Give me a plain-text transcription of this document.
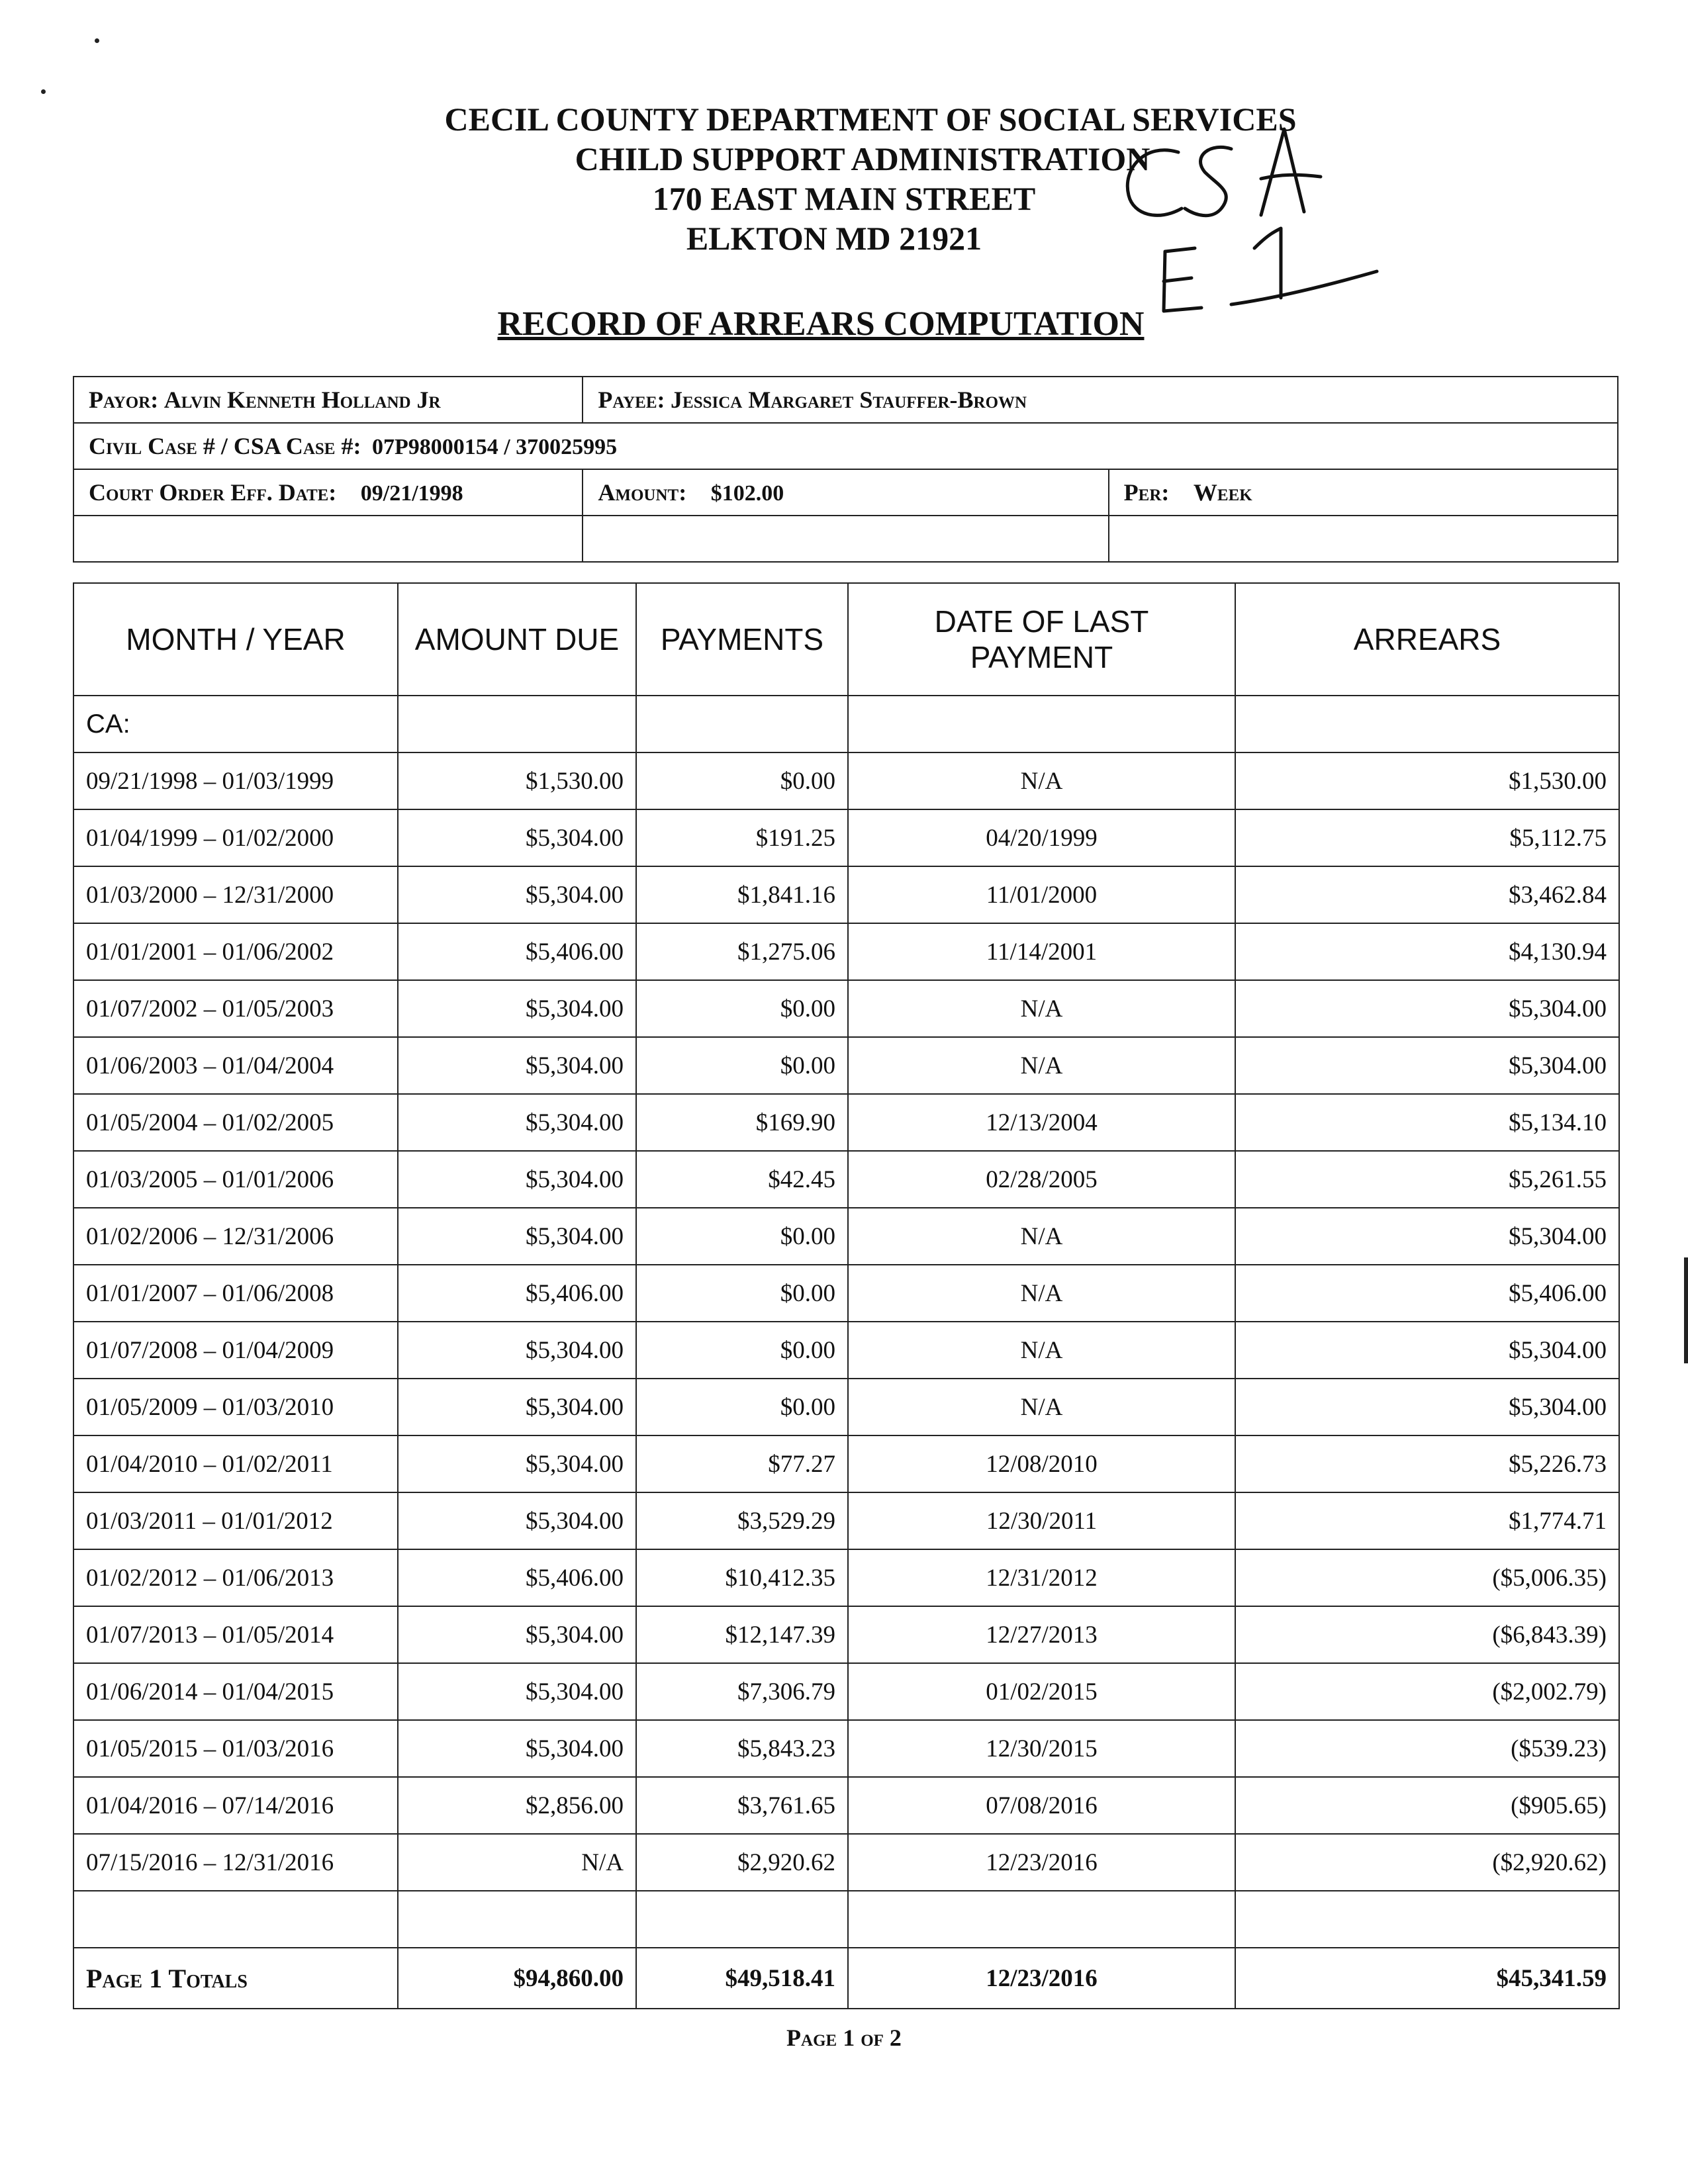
CECIL COUNTY DEPARTMENT OF SOCIAL SERVICES
CHILD SUPPORT ADMINISTRATION
170 EAST MAIN STREET
ELKTON MD 21921
RECORD OF ARREARS COMPUTATION
Payor: Alvin Kenneth Holland Jr	Payee: Jessica Margaret Stauffer-Brown	
Civil Case # / CSA Case #: 07P98000154 / 370025995		
Court Order Eff. Date: 09/21/1998	Amount: $102.00	Per: Week

MONTH / YEAR	AMOUNT DUE	PAYMENTS	DATE OF LAST PAYMENT	ARREARS
CA:				
09/21/1998 – 01/03/1999	$1,530.00	$0.00	N/A	$1,530.00
01/04/1999 – 01/02/2000	$5,304.00	$191.25	04/20/1999	$5,112.75
01/03/2000 – 12/31/2000	$5,304.00	$1,841.16	11/01/2000	$3,462.84
01/01/2001 – 01/06/2002	$5,406.00	$1,275.06	11/14/2001	$4,130.94
01/07/2002 – 01/05/2003	$5,304.00	$0.00	N/A	$5,304.00
01/06/2003 – 01/04/2004	$5,304.00	$0.00	N/A	$5,304.00
01/05/2004 – 01/02/2005	$5,304.00	$169.90	12/13/2004	$5,134.10
01/03/2005 – 01/01/2006	$5,304.00	$42.45	02/28/2005	$5,261.55
01/02/2006 – 12/31/2006	$5,304.00	$0.00	N/A	$5,304.00
01/01/2007 – 01/06/2008	$5,406.00	$0.00	N/A	$5,406.00
01/07/2008 – 01/04/2009	$5,304.00	$0.00	N/A	$5,304.00
01/05/2009 – 01/03/2010	$5,304.00	$0.00	N/A	$5,304.00
01/04/2010 – 01/02/2011	$5,304.00	$77.27	12/08/2010	$5,226.73
01/03/2011 – 01/01/2012	$5,304.00	$3,529.29	12/30/2011	$1,774.71
01/02/2012 – 01/06/2013	$5,406.00	$10,412.35	12/31/2012	($5,006.35)
01/07/2013 – 01/05/2014	$5,304.00	$12,147.39	12/27/2013	($6,843.39)
01/06/2014 – 01/04/2015	$5,304.00	$7,306.79	01/02/2015	($2,002.79)
01/05/2015 – 01/03/2016	$5,304.00	$5,843.23	12/30/2015	($539.23)
01/04/2016 – 07/14/2016	$2,856.00	$3,761.65	07/08/2016	($905.65)
07/15/2016 – 12/31/2016	N/A	$2,920.62	12/23/2016	($2,920.62)

Page 1 Totals	$94,860.00	$49,518.41	12/23/2016	$45,341.59
Page 1 of 2
